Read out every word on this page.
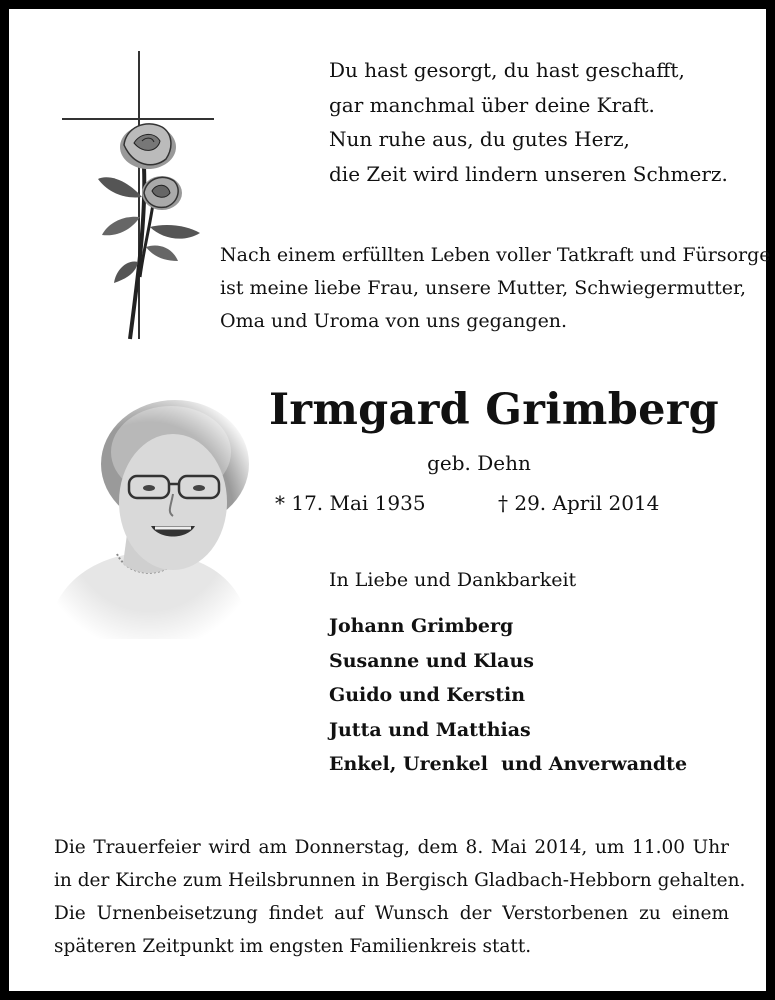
Du hast gesorgt, du hast geschafft,
gar manchmal über deine Kraft.
Nun ruhe aus, du gutes Herz,
die Zeit wird lindern unseren Schmerz.
Nach einem erfüllten Leben voller Tatkraft und Fürsorge
ist meine liebe Frau, unsere Mutter, Schwiegermutter,
Oma und Uroma von uns gegangen.
Irmgard Grimberg
geb. Dehn
* 17. Mai 1935	† 29. April 2014
In Liebe und Dankbarkeit
Johann Grimberg
Susanne und Klaus
Guido und Kerstin
Jutta und Matthias
Enkel, Urenkel  und Anverwandte
Die Trauerfeier wird am Donnerstag, dem 8. Mai 2014, um 11.00 Uhr
in der Kirche zum Heilsbrunnen in Bergisch Gladbach-Hebborn gehalten.
Die Urnenbeisetzung findet auf Wunsch der Verstorbenen zu einem
späteren Zeitpunkt im engsten Familienkreis statt.
